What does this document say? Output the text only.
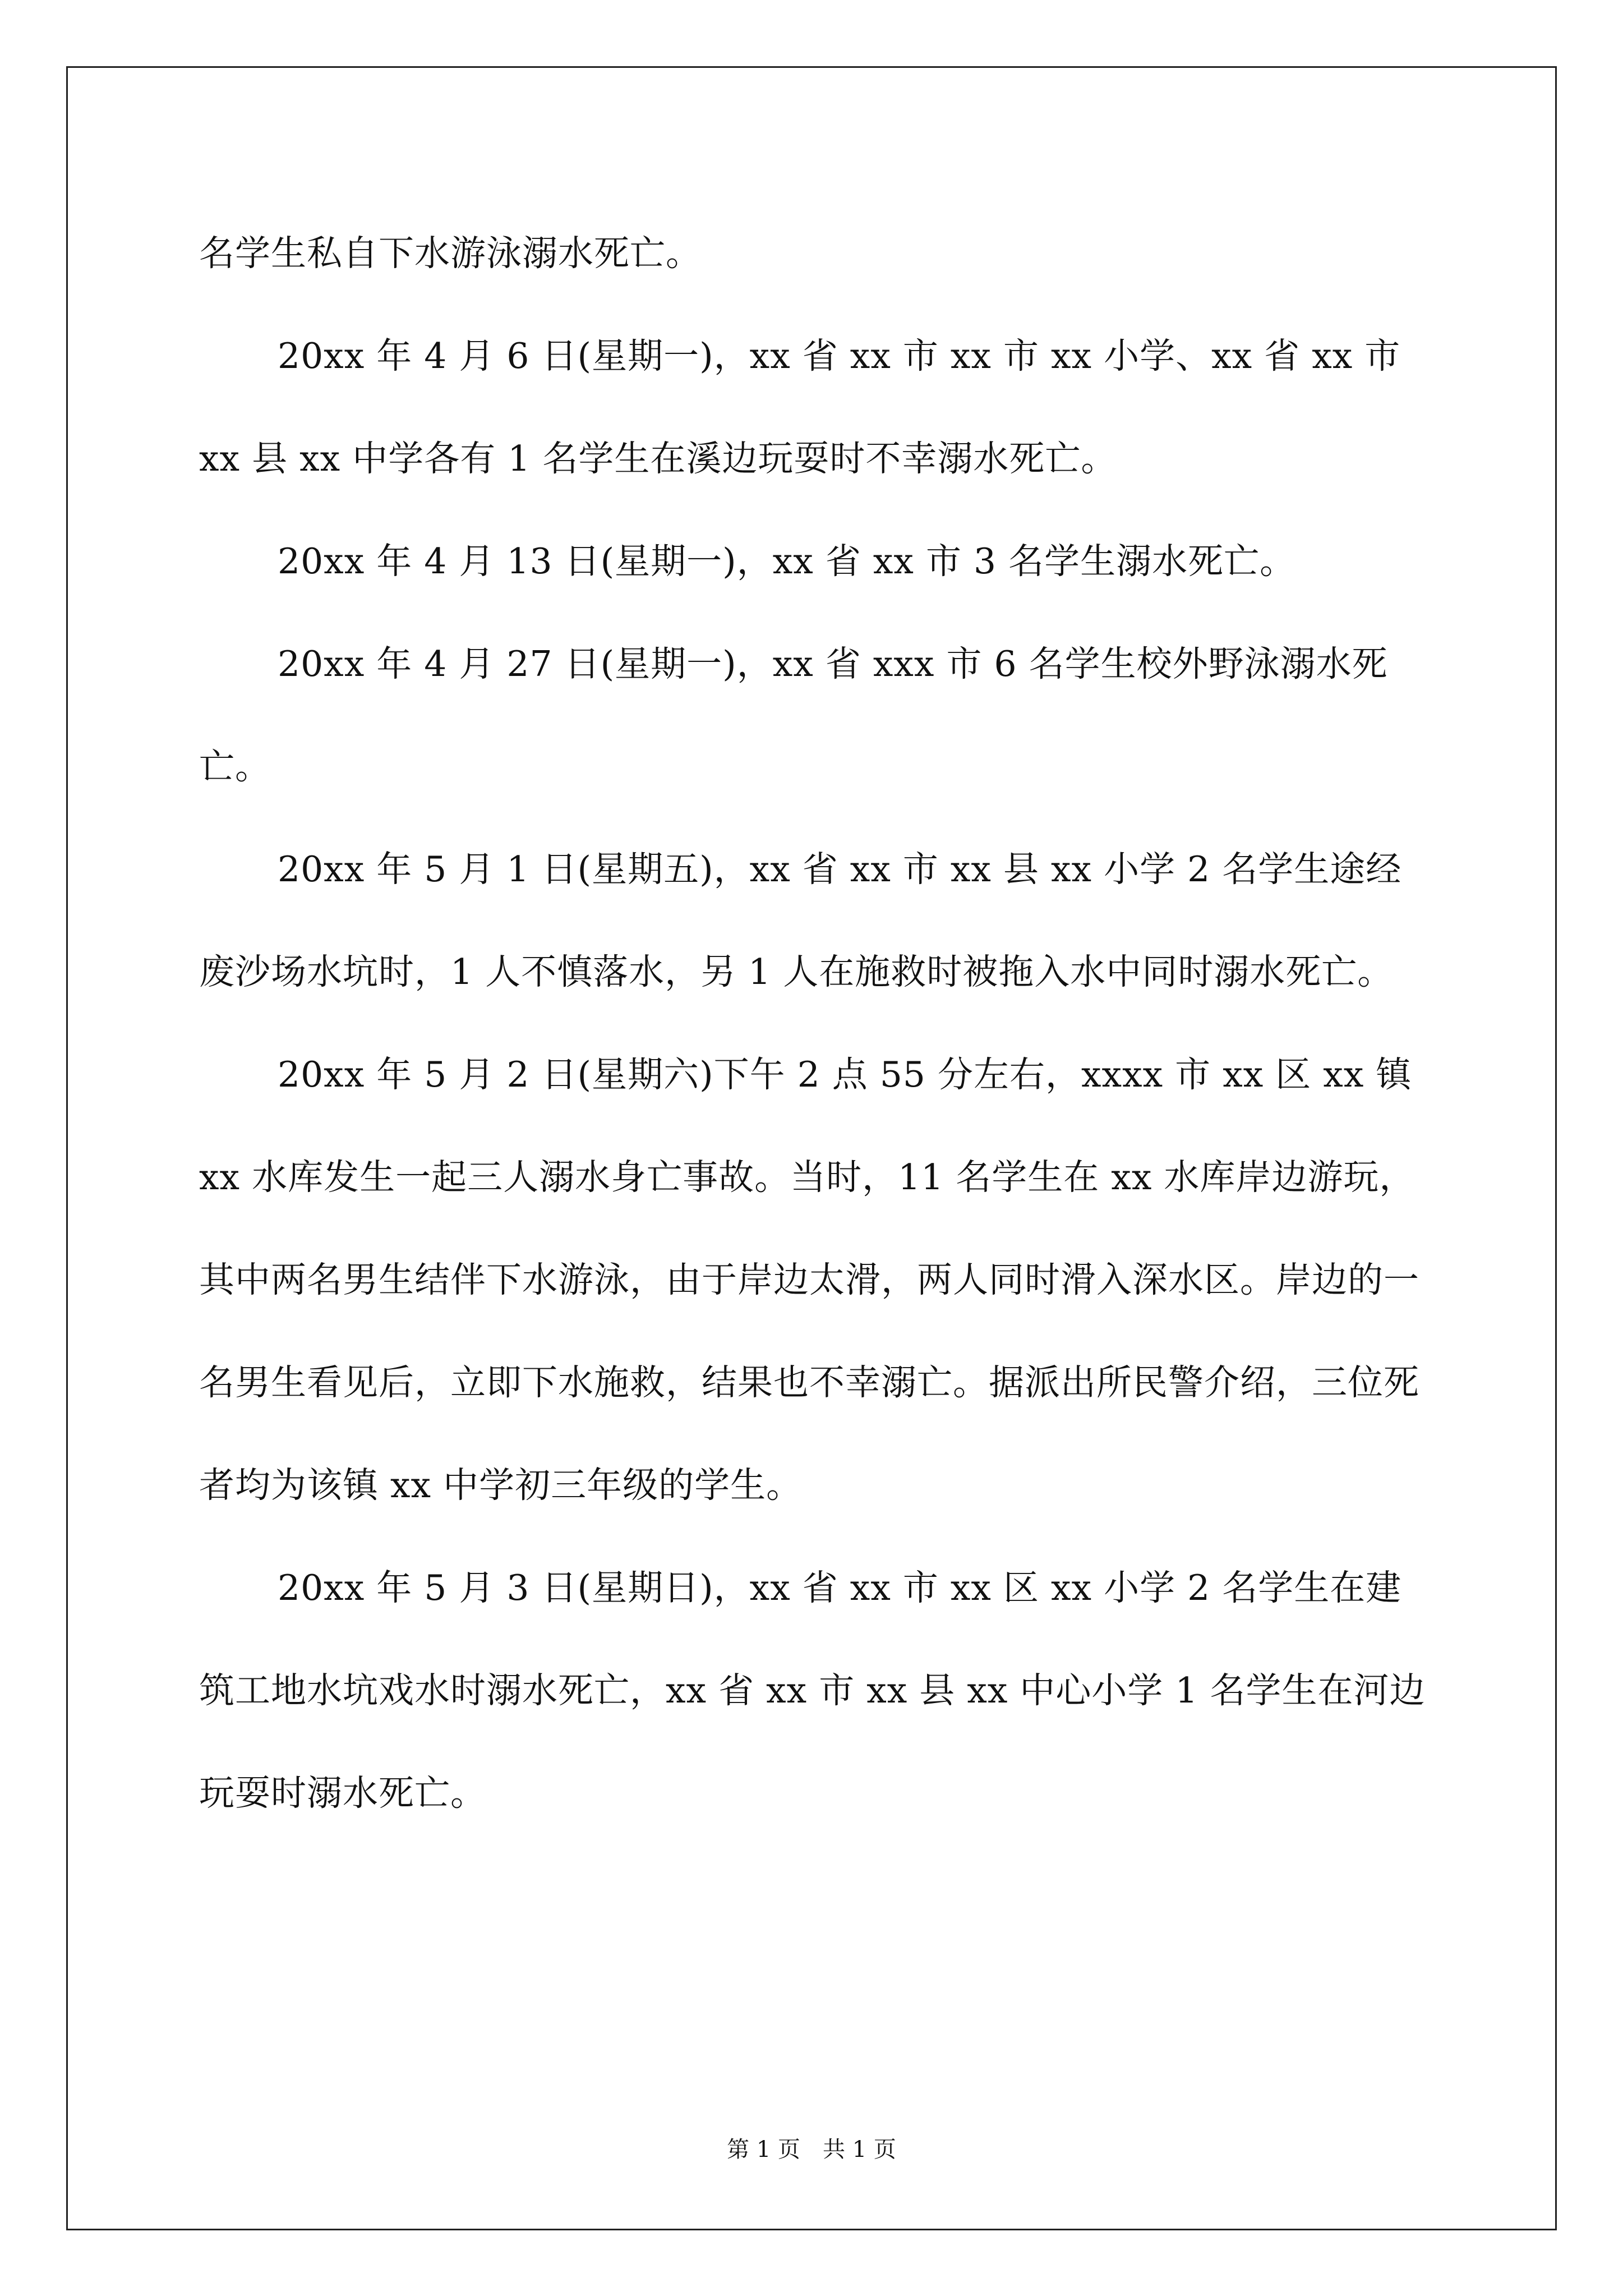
名学生私自下水游泳溺水死亡。

20xx 年 4 月 6 日(星期一)，xx 省 xx 市 xx 市 xx 小学、xx 省 xx 市 xx 县 xx 中学各有 1 名学生在溪边玩耍时不幸溺水死亡。

20xx 年 4 月 13 日(星期一)，xx 省 xx 市 3 名学生溺水死亡。

20xx 年 4 月 27 日(星期一)，xx 省 xxx 市 6 名学生校外野泳溺水死亡。

20xx 年 5 月 1 日(星期五)，xx 省 xx 市 xx 县 xx 小学 2 名学生途经废沙场水坑时，1 人不慎落水，另 1 人在施救时被拖入水中同时溺水死亡。

20xx 年 5 月 2 日(星期六)下午 2 点 55 分左右，xxxx 市 xx 区 xx 镇 xx 水库发生一起三人溺水身亡事故。当时，11 名学生在 xx 水库岸边游玩，其中两名男生结伴下水游泳，由于岸边太滑，两人同时滑入深水区。岸边的一名男生看见后，立即下水施救，结果也不幸溺亡。据派出所民警介绍，三位死者均为该镇 xx 中学初三年级的学生。

20xx 年 5 月 3 日(星期日)，xx 省 xx 市 xx 区 xx 小学 2 名学生在建筑工地水坑戏水时溺水死亡，xx 省 xx 市 xx 县 xx 中心小学 1 名学生在河边玩耍时溺水死亡。

第 1 页　共 1 页
